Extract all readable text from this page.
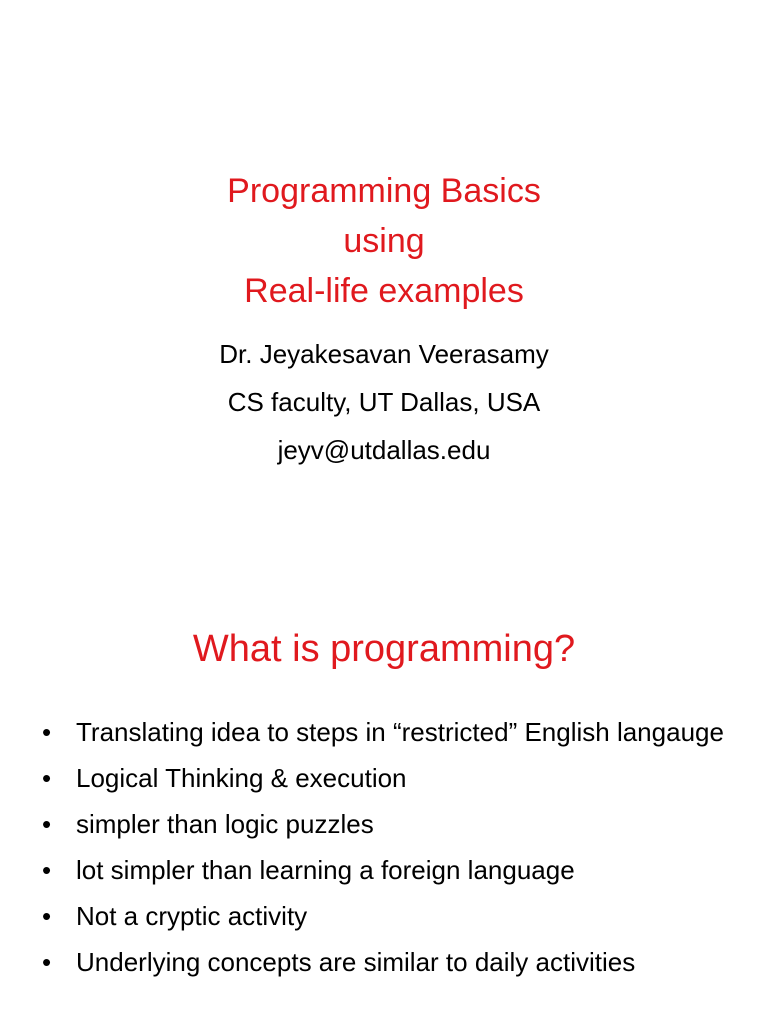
Programming Basics
using
Real-life examples
Dr. Jeyakesavan Veerasamy
CS faculty, UT Dallas, USA
jeyv@utdallas.edu
What is programming?
• Translating idea to steps in “restricted” English langauge
• Logical Thinking & execution
• simpler than logic puzzles
• lot simpler than learning a foreign language
• Not a cryptic activity
• Underlying concepts are similar to daily activities
